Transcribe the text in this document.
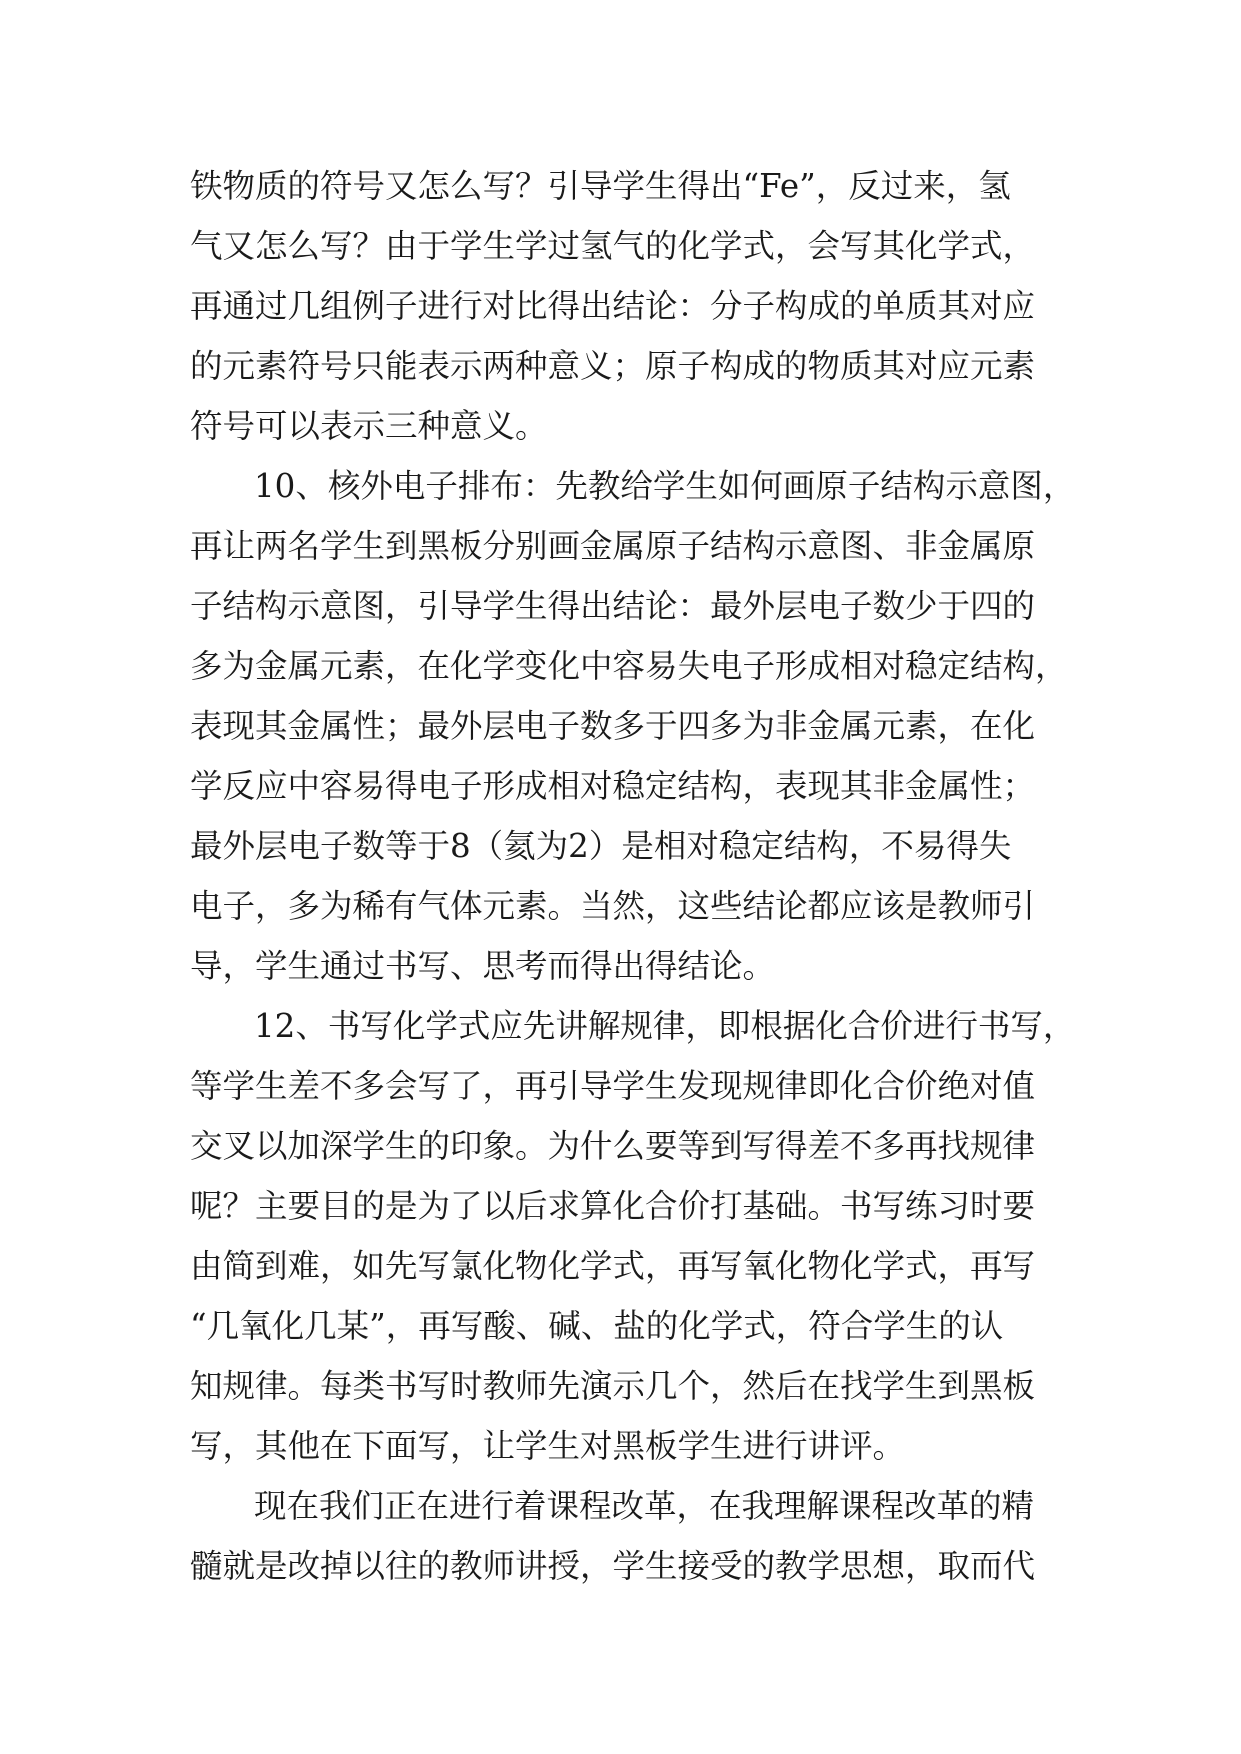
铁物质的符号又怎么写？引导学生得出“Fe”，反过来，氢
气又怎么写？由于学生学过氢气的化学式，会写其化学式，
再通过几组例子进行对比得出结论：分子构成的单质其对应
的元素符号只能表示两种意义；原子构成的物质其对应元素
符号可以表示三种意义。
10、核外电子排布：先教给学生如何画原子结构示意图，
再让两名学生到黑板分别画金属原子结构示意图、非金属原
子结构示意图，引导学生得出结论：最外层电子数少于四的
多为金属元素，在化学变化中容易失电子形成相对稳定结构，
表现其金属性；最外层电子数多于四多为非金属元素，在化
学反应中容易得电子形成相对稳定结构，表现其非金属性；
最外层电子数等于8（氦为2）是相对稳定结构，不易得失
电子，多为稀有气体元素。当然，这些结论都应该是教师引
导，学生通过书写、思考而得出得结论。
12、书写化学式应先讲解规律，即根据化合价进行书写，
等学生差不多会写了，再引导学生发现规律即化合价绝对值
交叉以加深学生的印象。为什么要等到写得差不多再找规律
呢？主要目的是为了以后求算化合价打基础。书写练习时要
由简到难，如先写氯化物化学式，再写氧化物化学式，再写
“几氧化几某”，再写酸、碱、盐的化学式，符合学生的认
知规律。每类书写时教师先演示几个，然后在找学生到黑板
写，其他在下面写，让学生对黑板学生进行讲评。
现在我们正在进行着课程改革，在我理解课程改革的精
髓就是改掉以往的教师讲授，学生接受的教学思想，取而代
